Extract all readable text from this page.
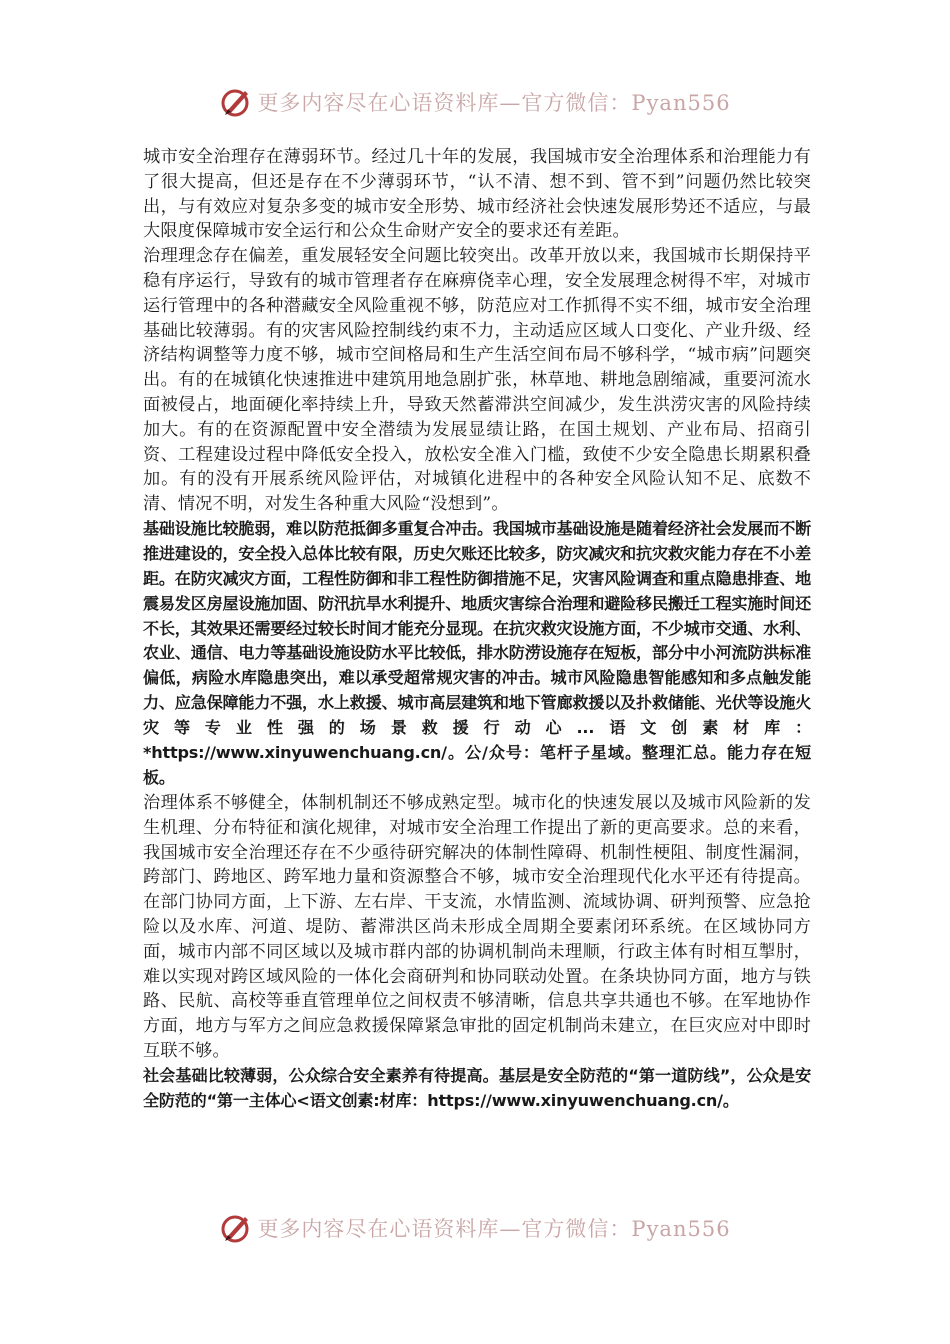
更多内容尽在心语资料库—官方微信：Pyan556

城市安全治理存在薄弱环节。经过几十年的发展，我国城市安全治理体系和治理能力有了很大提高，但还是存在不少薄弱环节，“认不清、想不到、管不到”问题仍然比较突出，与有效应对复杂多变的城市安全形势、城市经济社会快速发展形势还不适应，与最大限度保障城市安全运行和公众生命财产安全的要求还有差距。

治理理念存在偏差，重发展轻安全问题比较突出。改革开放以来，我国城市长期保持平稳有序运行，导致有的城市管理者存在麻痹侥幸心理，安全发展理念树得不牢，对城市运行管理中的各种潜藏安全风险重视不够，防范应对工作抓得不实不细，城市安全治理基础比较薄弱。有的灾害风险控制线约束不力，主动适应区域人口变化、产业升级、经济结构调整等力度不够，城市空间格局和生产生活空间布局不够科学，“城市病”问题突出。有的在城镇化快速推进中建筑用地急剧扩张，林草地、耕地急剧缩减，重要河流水面被侵占，地面硬化率持续上升，导致天然蓄滞洪空间减少，发生洪涝灾害的风险持续加大。有的在资源配置中安全潜绩为发展显绩让路，在国土规划、产业布局、招商引资、工程建设过程中降低安全投入，放松安全准入门槛，致使不少安全隐患长期累积叠加。有的没有开展系统风险评估，对城镇化进程中的各种安全风险认知不足、底数不清、情况不明，对发生各种重大风险“没想到”。

基础设施比较脆弱，难以防范抵御多重复合冲击。我国城市基础设施是随着经济社会发展而不断推进建设的，安全投入总体比较有限，历史欠账还比较多，防灾减灾和抗灾救灾能力存在不小差距。在防灾减灾方面，工程性防御和非工程性防御措施不足，灾害风险调查和重点隐患排查、地震易发区房屋设施加固、防汛抗旱水利提升、地质灾害综合治理和避险移民搬迁工程实施时间还不长，其效果还需要经过较长时间才能充分显现。在抗灾救灾设施方面，不少城市交通、水利、农业、通信、电力等基础设施设防水平比较低，排水防涝设施存在短板，部分中小河流防洪标准偏低，病险水库隐患突出，难以承受超常规灾害的冲击。城市风险隐患智能感知和多点触发能力、应急保障能力不强，水上救援、城市高层建筑和地下管廊救援以及扑救储能、光伏等设施火灾等专业性强的场景救援行动心...语文创素材库：*https://www.xinyuwenchuang.cn/。公/众号：笔杆子星域。整理汇总。能力存在短板。

治理体系不够健全，体制机制还不够成熟定型。城市化的快速发展以及城市风险新的发生机理、分布特征和演化规律，对城市安全治理工作提出了新的更高要求。总的来看，我国城市安全治理还存在不少亟待研究解决的体制性障碍、机制性梗阻、制度性漏洞，跨部门、跨地区、跨军地力量和资源整合不够，城市安全治理现代化水平还有待提高。在部门协同方面，上下游、左右岸、干支流，水情监测、流域协调、研判预警、应急抢险以及水库、河道、堤防、蓄滞洪区尚未形成全周期全要素闭环系统。在区域协同方面，城市内部不同区域以及城市群内部的协调机制尚未理顺，行政主体有时相互掣肘，难以实现对跨区域风险的一体化会商研判和协同联动处置。在条块协同方面，地方与铁路、民航、高校等垂直管理单位之间权责不够清晰，信息共享共通也不够。在军地协作方面，地方与军方之间应急救援保障紧急审批的固定机制尚未建立，在巨灾应对中即时互联不够。

社会基础比较薄弱，公众综合安全素养有待提高。基层是安全防范的“第一道防线”，公众是安全防范的“第一主体心<语文创素:材库：https://www.xinyuwenchuang.cn/。

更多内容尽在心语资料库—官方微信：Pyan556
